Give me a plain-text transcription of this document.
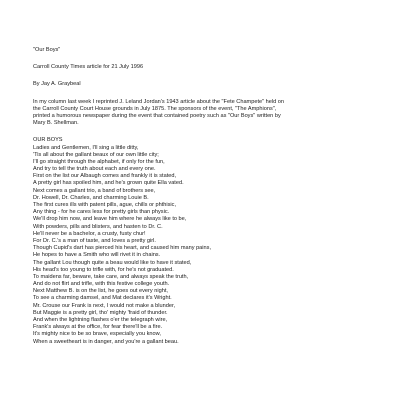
"Our Boys"
Carroll County Times article for 21 July 1996
By Jay A. Graybeal
In my column last week I reprinted J. Leland Jordan's 1943 article about the "Fete Champete" held on
the Carroll County Court House grounds in July 1875. The sponsors of the event, "The Amphions",
printed a humorous newspaper during the event that contained poetry such as "Our Boys" written by
Mary B. Shellman.
OUR BOYS
Ladies and Gentlemen, I'll sing a little ditty,
'Tis all about the gallant beaux of our own little city;
I'll go straight through the alphabet, if only for the fun,
And try to tell the truth about each and every one.
First on the list our Albaugh comes and frankly it is stated,
A pretty girl has spoiled him, and he's grown quite Ella vated.
Next comes a gallant trio, a band of brothers see,
Dr. Howell, Dr. Charles, and charming Louie B.
The first cures ills with patent pills, ague, chills or phthisic,
Any thing - for he cares less for pretty girls than physic.
We'll drop him now, and leave him where he always like to be,
With powders, pills and blisters, and hasten to Dr. C.
He'll never be a bachelor, a crusty, fusty chur!
For Dr. C.'s a man of taste, and loves a pretty girl.
Though Cupid's dart has pierced his heart, and caused him many pains,
He hopes to have a Smith who will rivet it in chains.
The gallant Lou though quite a beau would like to have it stated,
His head's too young to trifle with, for he's not graduated.
To maidens far, beware, take care, and always speak the truth,
And do not flirt and trifle, with this festive college youth.
Next Matthew B. is on the list, he goes out every night,
To see a charming damsel, and Mat declares it's Wright.
Mr. Crouse our Frank is next, I would not make a blunder,
But Maggie is a pretty girl, tho' mighty 'fraid of thunder.
And when the lightning flashes o'er the telegraph wire,
Frank's always at the office, for fear there'll be a fire.
It's mighty nice to be so brave, especially you know,
When a sweetheart is in danger, and you're a gallant beau.
